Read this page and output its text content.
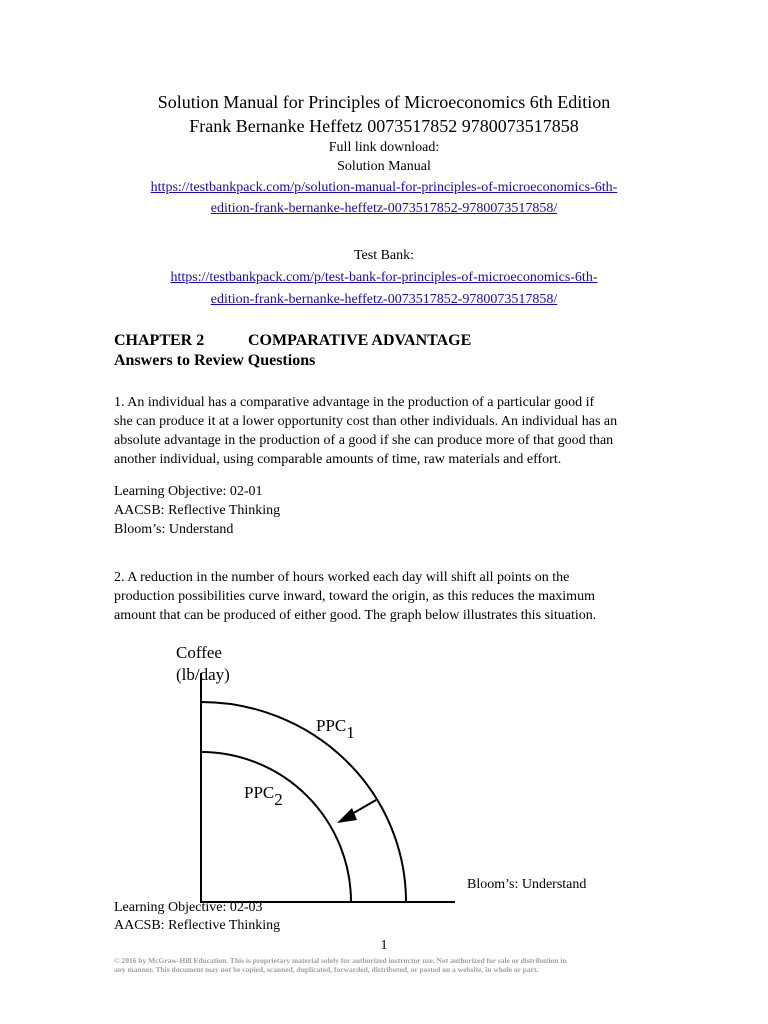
Solution Manual for Principles of Microeconomics 6th Edition
Frank Bernanke Heffetz 0073517852 9780073517858
Full link download:
Solution Manual
https://testbankpack.com/p/solution-manual-for-principles-of-microeconomics-6th-
edition-frank-bernanke-heffetz-0073517852-9780073517858/
Test Bank:
https://testbankpack.com/p/test-bank-for-principles-of-microeconomics-6th-
edition-frank-bernanke-heffetz-0073517852-9780073517858/
CHAPTER 2	COMPARATIVE ADVANTAGE
Answers to Review Questions
1. An individual has a comparative advantage in the production of a particular good if
she can produce it at a lower opportunity cost than other individuals. An individual has an
absolute advantage in the production of a good if she can produce more of that good than
another individual, using comparable amounts of time, raw materials and effort.
Learning Objective: 02-01
AACSB: Reflective Thinking
Bloom’s: Understand
2. A reduction in the number of hours worked each day will shift all points on the
production possibilities curve inward, toward the origin, as this reduces the maximum
amount that can be produced of either good. The graph below illustrates this situation.
Coffee
(lb/day)
PPC1
PPC2
Bloom’s: Understand
Learning Objective: 02-03
AACSB: Reflective Thinking
1
© 2016 by McGraw-Hill Education. This is proprietary material solely for authorized instructor use. Not authorized for sale or distribution in
any manner. This document may not be copied, scanned, duplicated, forwarded, distributed, or posted on a website, in whole or part.
